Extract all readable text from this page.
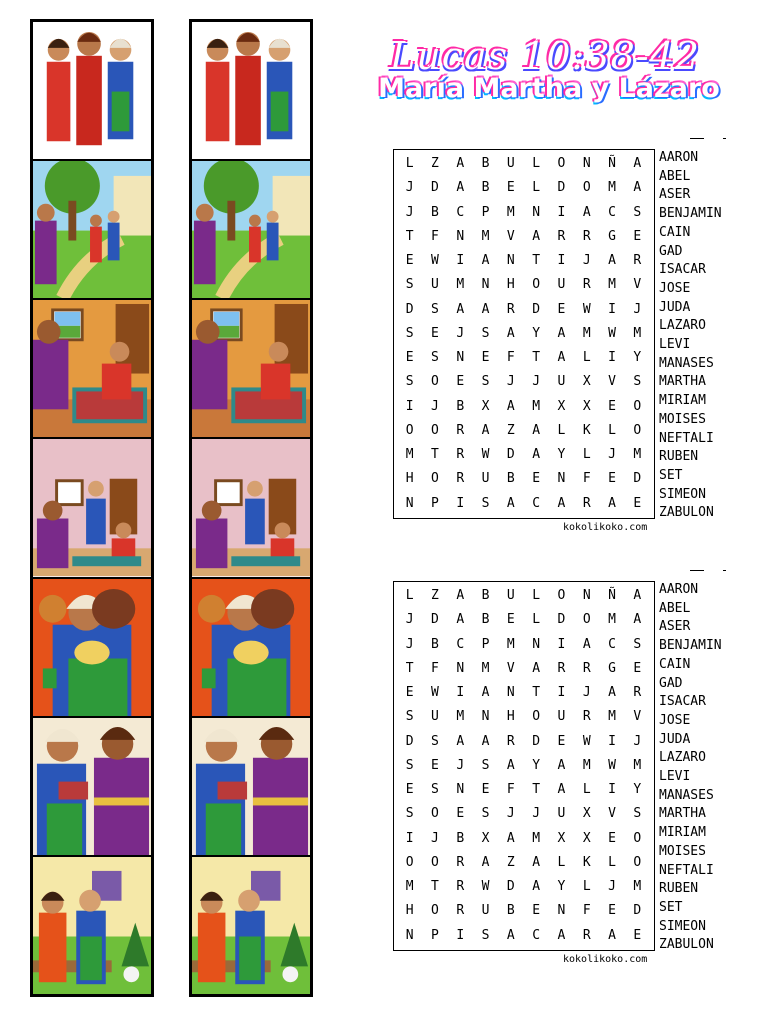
Lucas 10:38-42
María Martha y Lázaro
L	Z	A	B	U	L	O	N	Ñ	A
J	D	A	B	E	L	D	O	M	A
J	B	C	P	M	N	I	A	C	S
T	F	N	M	V	A	R	R	G	E
E	W	I	A	N	T	I	J	A	R
S	U	M	N	H	O	U	R	M	V
D	S	A	A	R	D	E	W	I	J
S	E	J	S	A	Y	A	M	W	M
E	S	N	E	F	T	A	L	I	Y
S	O	E	S	J	J	U	X	V	S
I	J	B	X	A	M	X	X	E	O
O	O	R	A	Z	A	L	K	L	O
M	T	R	W	D	A	Y	L	J	M
H	O	R	U	B	E	N	F	E	D
N	P	I	S	A	C	A	R	A	E
AARON
ABEL
ASER
BENJAMIN
CAIN
GAD
ISACAR
JOSE
JUDA
LAZARO
LEVI
MANASES
MARTHA
MIRIAM
MOISES
NEFTALI
RUBEN
SET
SIMEON
ZABULON
kokolikoko.com
L	Z	A	B	U	L	O	N	Ñ	A
J	D	A	B	E	L	D	O	M	A
J	B	C	P	M	N	I	A	C	S
T	F	N	M	V	A	R	R	G	E
E	W	I	A	N	T	I	J	A	R
S	U	M	N	H	O	U	R	M	V
D	S	A	A	R	D	E	W	I	J
S	E	J	S	A	Y	A	M	W	M
E	S	N	E	F	T	A	L	I	Y
S	O	E	S	J	J	U	X	V	S
I	J	B	X	A	M	X	X	E	O
O	O	R	A	Z	A	L	K	L	O
M	T	R	W	D	A	Y	L	J	M
H	O	R	U	B	E	N	F	E	D
N	P	I	S	A	C	A	R	A	E
AARON
ABEL
ASER
BENJAMIN
CAIN
GAD
ISACAR
JOSE
JUDA
LAZARO
LEVI
MANASES
MARTHA
MIRIAM
MOISES
NEFTALI
RUBEN
SET
SIMEON
ZABULON
kokolikoko.com
